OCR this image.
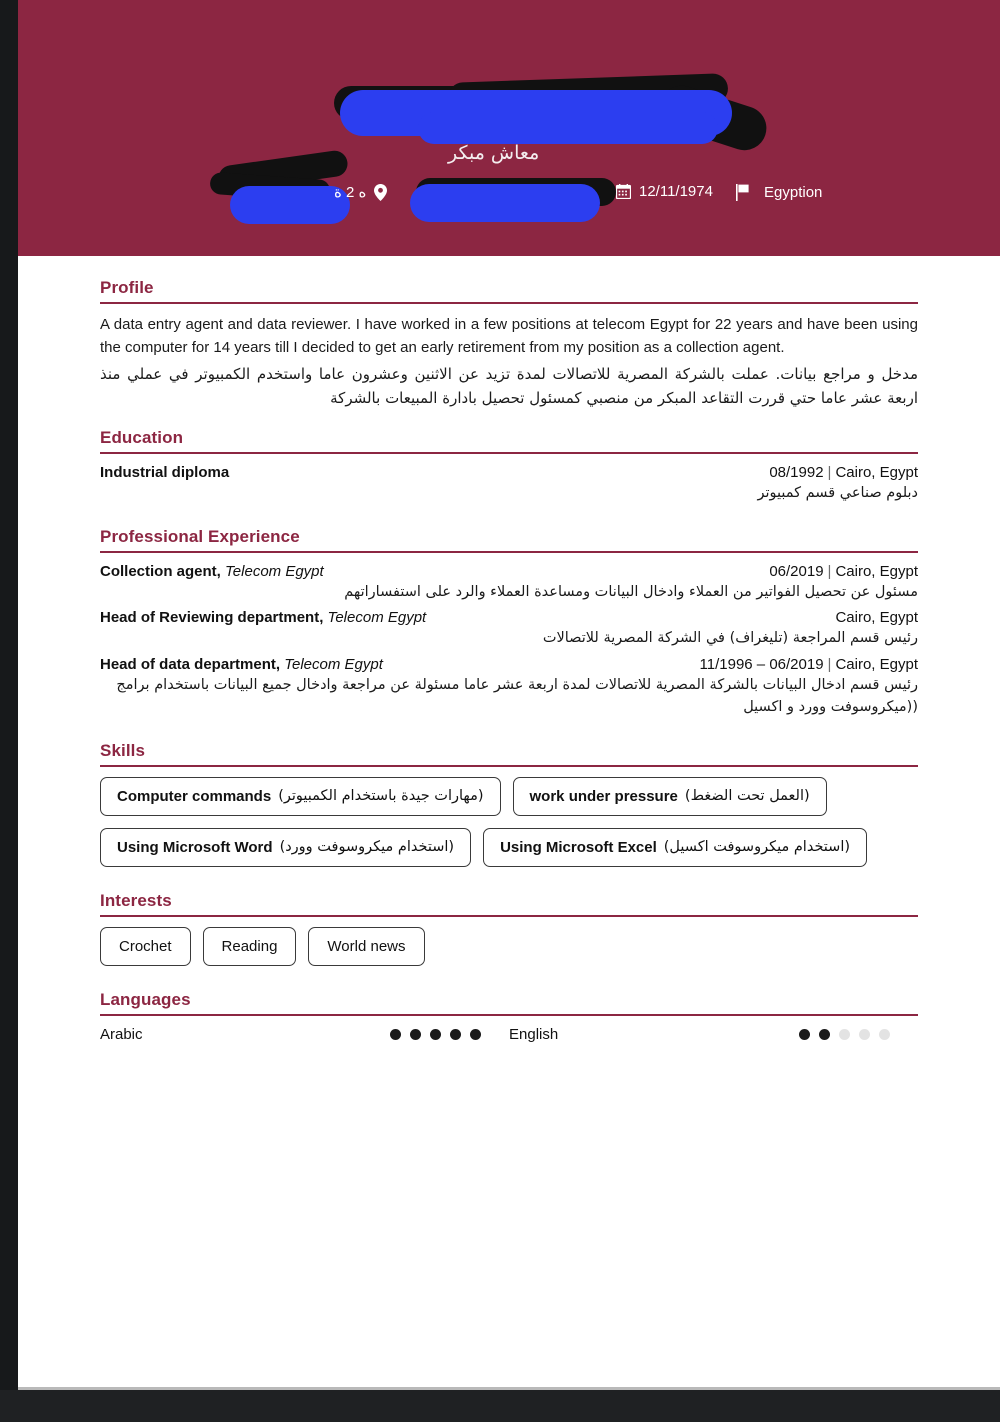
معاش مبكر
ه 2 ة	12/11/1974	Egyption
Profile

A data entry agent and data reviewer. I have worked in a few positions at telecom Egypt for 22 years and have been using the computer for 14 years till I decided to get an early retirement from my position as a collection agent.

مدخل و مراجع بيانات. عملت بالشركة المصرية للاتصالات لمدة تزيد عن الاثنين وعشرون عاما واستخدم الكمبيوتر في عملي منذ اربعة عشر عاما حتي قررت التقاعد المبكر من منصبي كمسئول تحصيل بادارة المبيعات بالشركة

Education
Industrial diploma	08/1992 | Cairo, Egypt

دبلوم صناعي قسم كمبيوتر

Professional Experience
Collection agent, Telecom Egypt	06/2019 | Cairo, Egypt

مسئول عن تحصيل الفواتير من العملاء وادخال البيانات ومساعدة العملاء والرد على استفساراتهم

Head of Reviewing department, Telecom Egypt	Cairo, Egypt

رئيس قسم المراجعة (تليغراف) في الشركة المصرية للاتصالات

Head of data department, Telecom Egypt	11/1996 – 06/2019 | Cairo, Egypt

رئيس قسم ادخال البيانات بالشركة المصرية للاتصالات لمدة اربعة عشر عاما مسئولة عن مراجعة وادخال جميع البيانات باستخدام برامج ((ميكروسوفت وورد و اكسيل

Skills
Computer commands (مهارات جيدة باستخدام الكمبيوتر)	work under pressure (العمل تحت الضغط)
Using Microsoft Word (استخدام ميكروسوفت وورد)	Using Microsoft Excel (استخدام ميكروسوفت اكسيل)
Interests
Crochet	Reading	World news
Languages
Arabic	English
